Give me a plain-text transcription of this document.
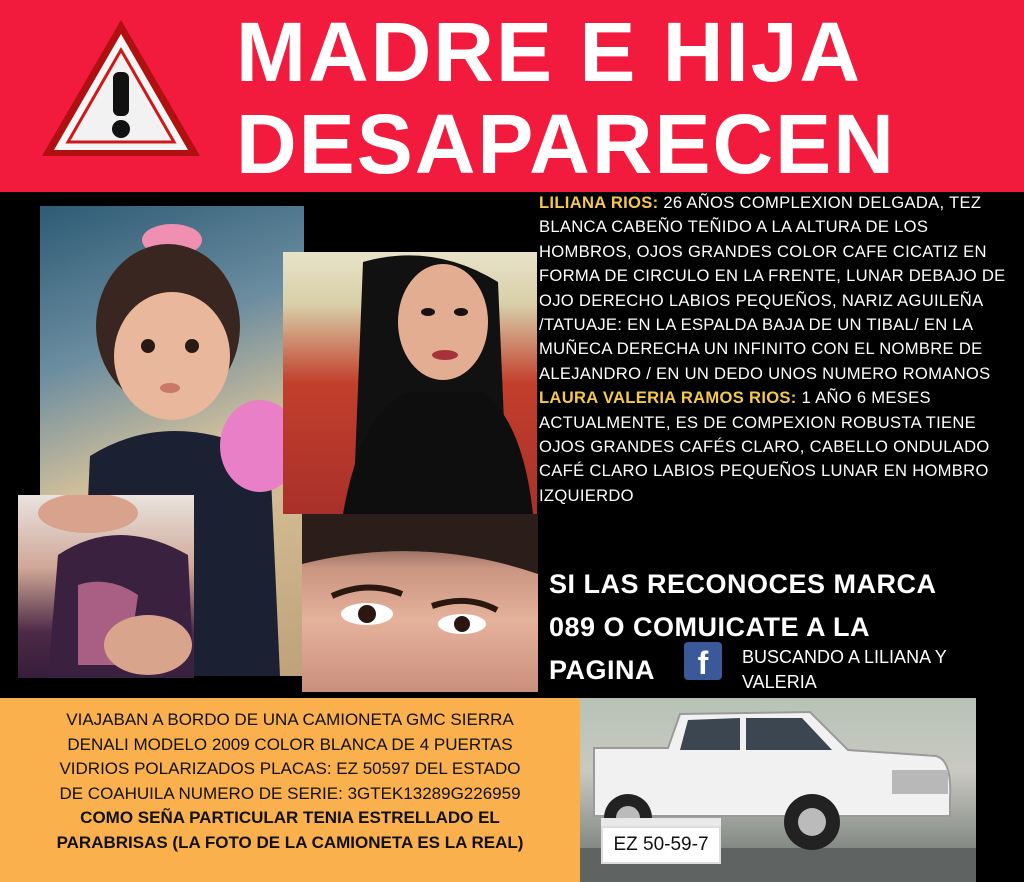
MADRE E HIJA
DESAPARECEN

LILIANA RIOS: 26 AÑOS COMPLEXION DELGADA, TEZ BLANCA CABEÑO TEÑIDO A LA ALTURA DE LOS HOMBROS, OJOS GRANDES COLOR CAFE CICATIZ EN FORMA DE CIRCULO EN LA FRENTE, LUNAR DEBAJO DE OJO DERECHO LABIOS PEQUEÑOS, NARIZ AGUILEÑA /TATUAJE: EN LA ESPALDA BAJA DE UN TIBAL/ EN LA MUÑECA DERECHA UN INFINITO CON EL NOMBRE DE ALEJANDRO / EN UN DEDO UNOS NUMERO ROMANOS

LAURA VALERIA RAMOS RIOS: 1 AÑO 6 MESES ACTUALMENTE, ES DE COMPEXION ROBUSTA TIENE OJOS GRANDES CAFÉS CLARO, CABELLO ONDULADO CAFÉ CLARO LABIOS PEQUEÑOS LUNAR EN HOMBRO IZQUIERDO

SI LAS RECONOCES MARCA
089 O COMUICATE A LA
PAGINA	f	BUSCANDO A LILIANA Y VALERIA
VIAJABAN A BORDO DE UNA CAMIONETA GMC SIERRA
DENALI MODELO 2009 COLOR BLANCA DE 4 PUERTAS
VIDRIOS POLARIZADOS PLACAS: EZ 50597 DEL ESTADO
DE COAHUILA NUMERO DE SERIE: 3GTEK13289G226959
COMO SEÑA PARTICULAR TENIA ESTRELLADO EL
PARABRISAS (LA FOTO DE LA CAMIONETA ES LA REAL)	EZ 50-59-7
